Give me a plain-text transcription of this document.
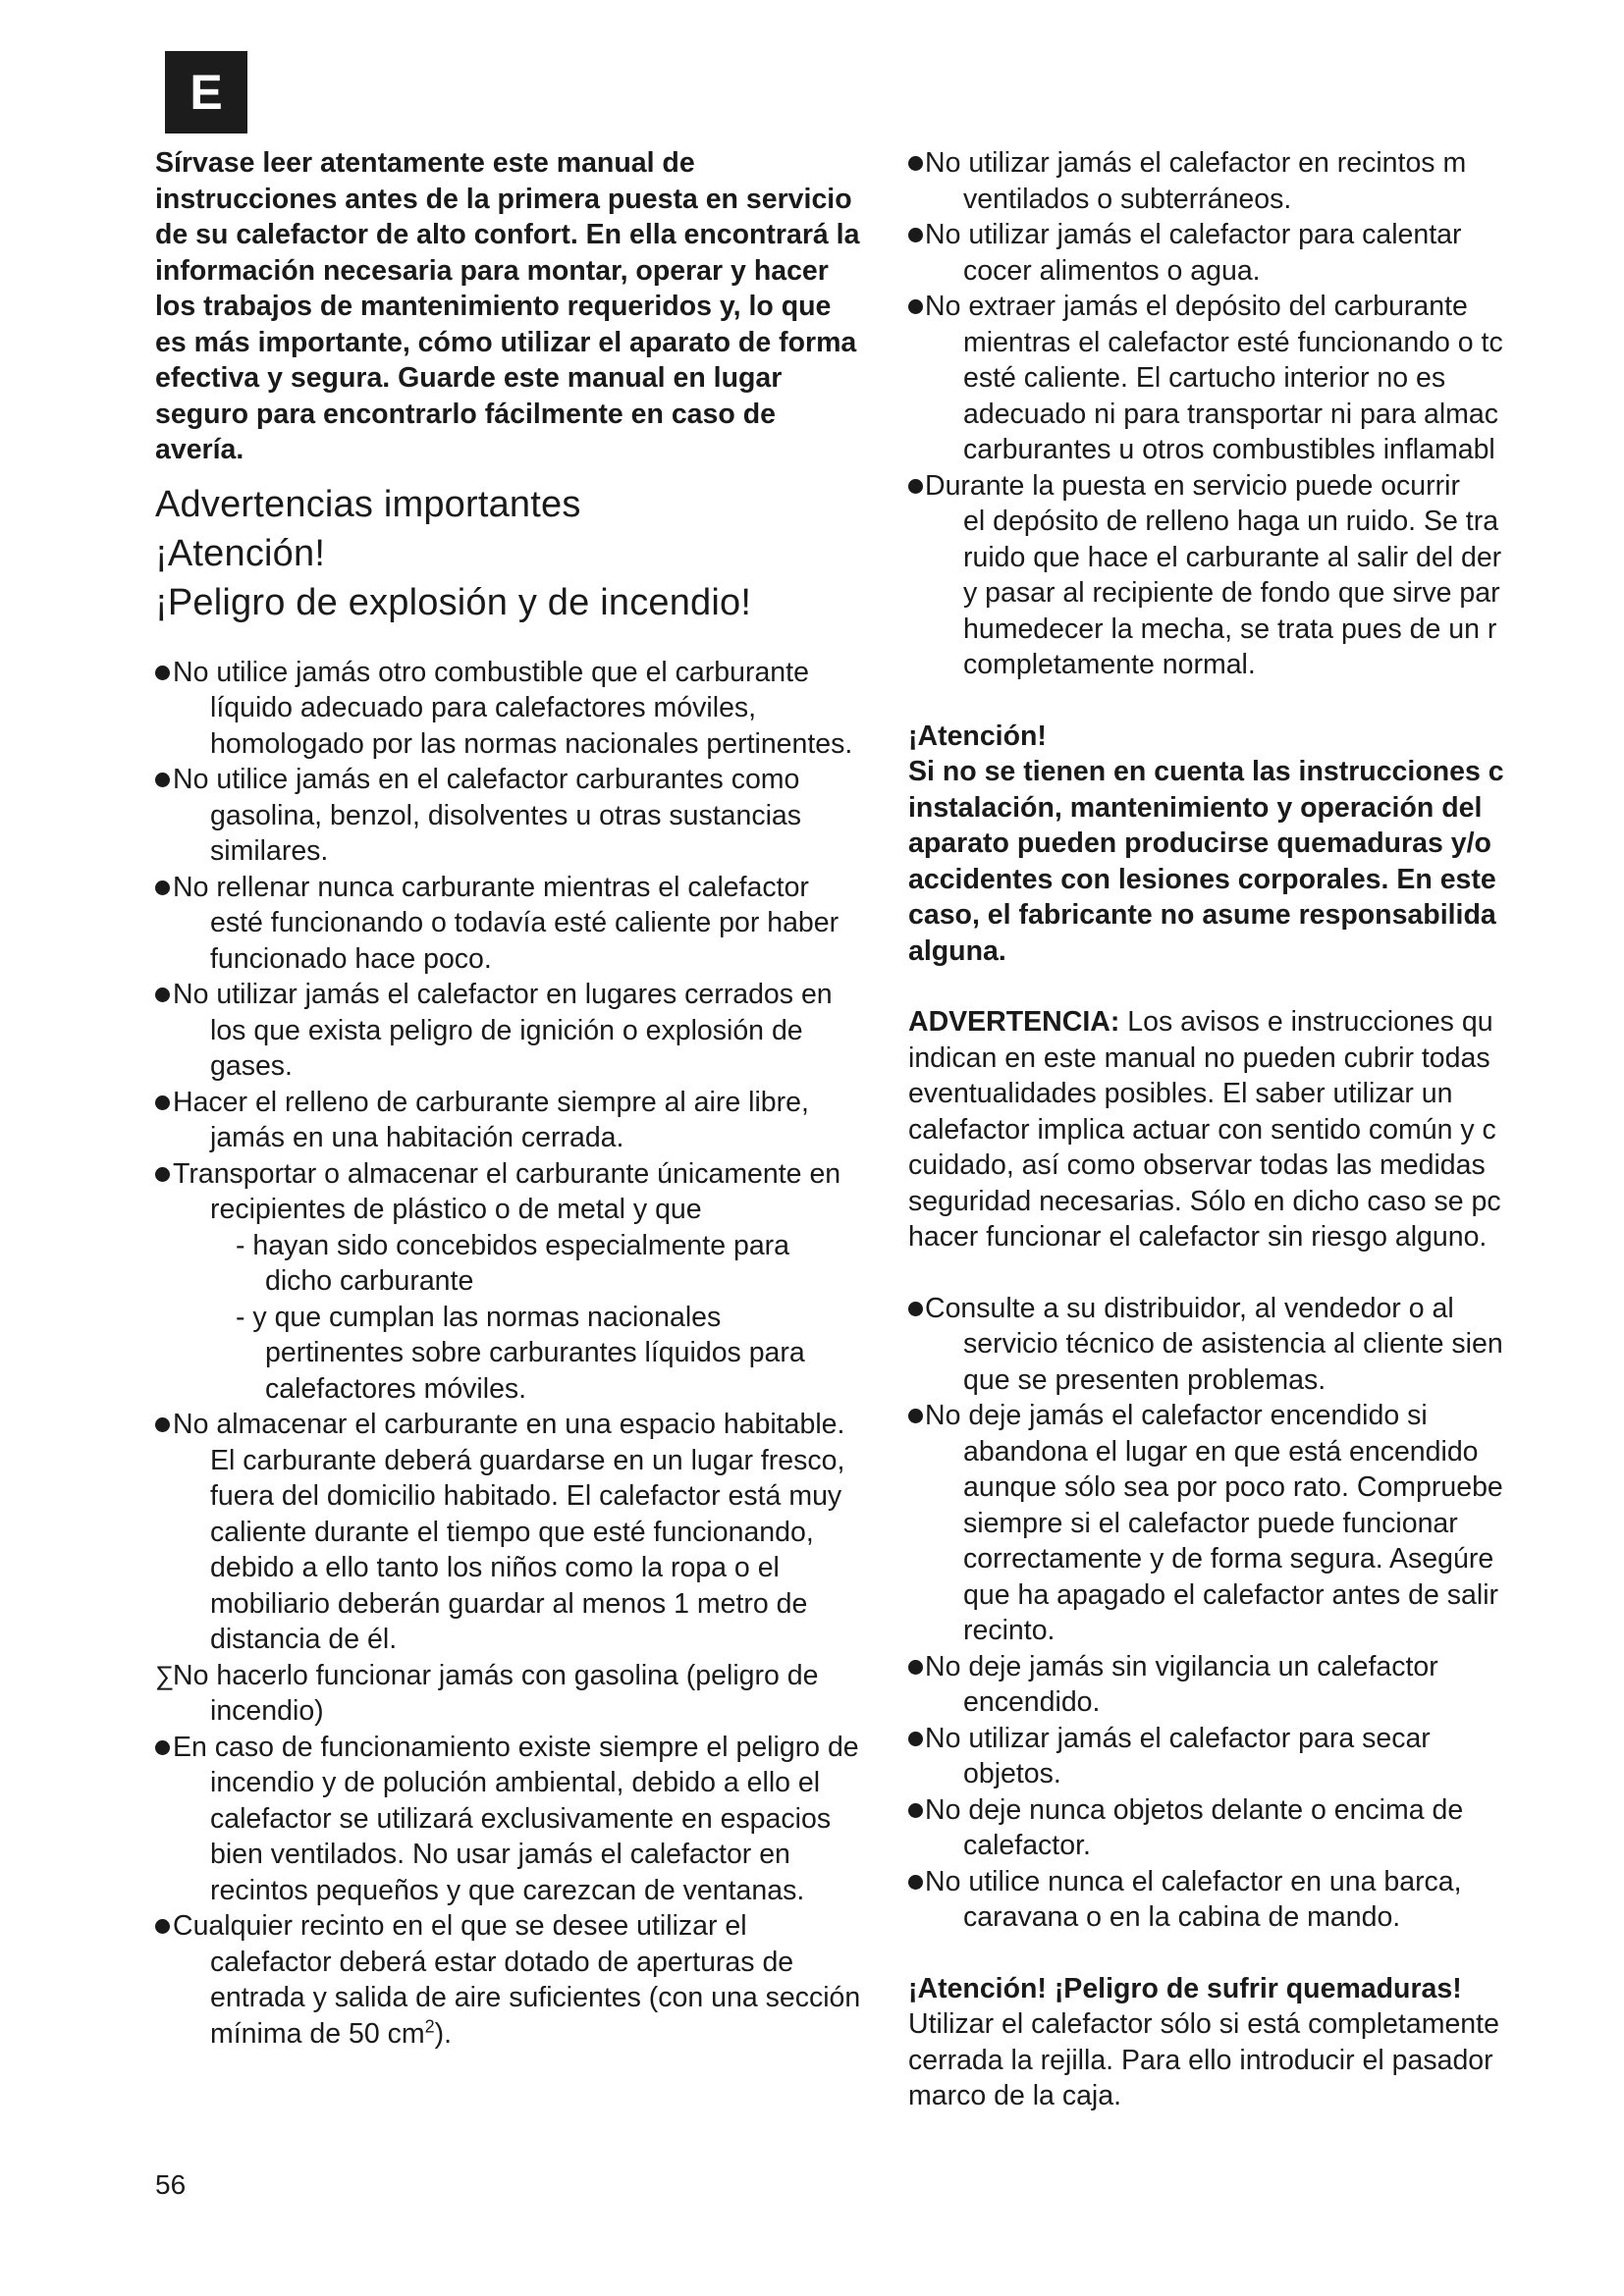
E

Sírvase leer atentamente este manual de instrucciones antes de la primera puesta en servicio de su calefactor de alto confort. En ella encontrará la información necesaria para montar, operar y hacer los trabajos de mantenimiento requeridos y, lo que es más importante, cómo utilizar el aparato de forma efectiva y segura. Guarde este manual en lugar seguro para encontrarlo fácilmente en caso de avería.

Advertencias importantes
¡Atención!
¡Peligro de explosión y de incendio!
No utilice jamás otro combustible que el carburante líquido adecuado para calefactores móviles, homologado por las normas nacionales pertinentes.
No utilice jamás en el calefactor carburantes como gasolina, benzol, disolventes u otras sustancias similares.
No rellenar nunca carburante mientras el calefactor esté funcionando o todavía esté caliente por haber funcionado hace poco.
No utilizar jamás el calefactor en lugares cerrados en los que exista peligro de ignición o explosión de gases.
Hacer el relleno de carburante siempre al aire libre, jamás en una habitación cerrada.
Transportar o almacenar el carburante únicamente en recipientes de plástico o de metal y que
- hayan sido concebidos especialmente para dicho carburante
- y que cumplan las normas nacionales pertinentes sobre carburantes líquidos para calefactores móviles.
No almacenar el carburante en una espacio habitable. El carburante deberá guardarse en un lugar fresco, fuera del domicilio habitado. El calefactor está muy caliente durante el tiempo que esté funcionando, debido a ello tanto los niños como la ropa o el mobiliario deberán guardar al menos 1 metro de distancia de él.
∑No hacerlo funcionar jamás con gasolina (peligro de incendio)
En caso de funcionamiento existe siempre el peligro de incendio y de polución ambiental, debido a ello el calefactor se utilizará exclusivamente en espacios bien ventilados. No usar jamás el calefactor en recintos pequeños y que carezcan de ventanas.
Cualquier recinto en el que se desee utilizar el calefactor deberá estar dotado de aperturas de entrada y salida de aire suficientes (con una sección mínima de 50 $cm^2$).
No utilizar jamás el calefactor en recintos m
ventilados o subterráneos.
No utilizar jamás el calefactor para calentar
cocer alimentos o agua.
No extraer jamás el depósito del carburante
mientras el calefactor esté funcionando o tc
esté caliente. El cartucho interior no es
adecuado ni para transportar ni para almac
carburantes u otros combustibles inflamabl
Durante la puesta en servicio puede ocurrir
el depósito de relleno haga un ruido. Se tra
ruido que hace el carburante al salir del der
y pasar al recipiente de fondo que sirve par
humedecer la mecha, se trata pues de un r
completamente normal.
¡Atención!
Si no se tienen en cuenta las instrucciones c
instalación, mantenimiento y operación del
aparato pueden producirse quemaduras y/o
accidentes con lesiones corporales. En este
caso, el fabricante no asume responsabilida
alguna.
ADVERTENCIA: Los avisos e instrucciones qu
indican en este manual no pueden cubrir todas
eventualidades posibles. El saber utilizar un
calefactor implica actuar con sentido común y c
cuidado, así como observar todas las medidas
seguridad necesarias. Sólo en dicho caso se pc
hacer funcionar el calefactor sin riesgo alguno.
Consulte a su distribuidor, al vendedor o al
servicio técnico de asistencia al cliente sien
que se presenten problemas.
No deje jamás el calefactor encendido si
abandona el lugar en que está encendido
aunque sólo sea por poco rato. Compruebe
siempre si el calefactor puede funcionar
correctamente y de forma segura. Asegúre
que ha apagado el calefactor antes de salir
recinto.
No deje jamás sin vigilancia un calefactor
encendido.
No utilizar jamás el calefactor para secar
objetos.
No deje nunca objetos delante o encima de
calefactor.
No utilice nunca el calefactor en una barca,
caravana o en la cabina de mando.
¡Atención! ¡Peligro de sufrir quemaduras!
Utilizar el calefactor sólo si está completamente
cerrada la rejilla. Para ello introducir el pasador
marco de la caja.
56
